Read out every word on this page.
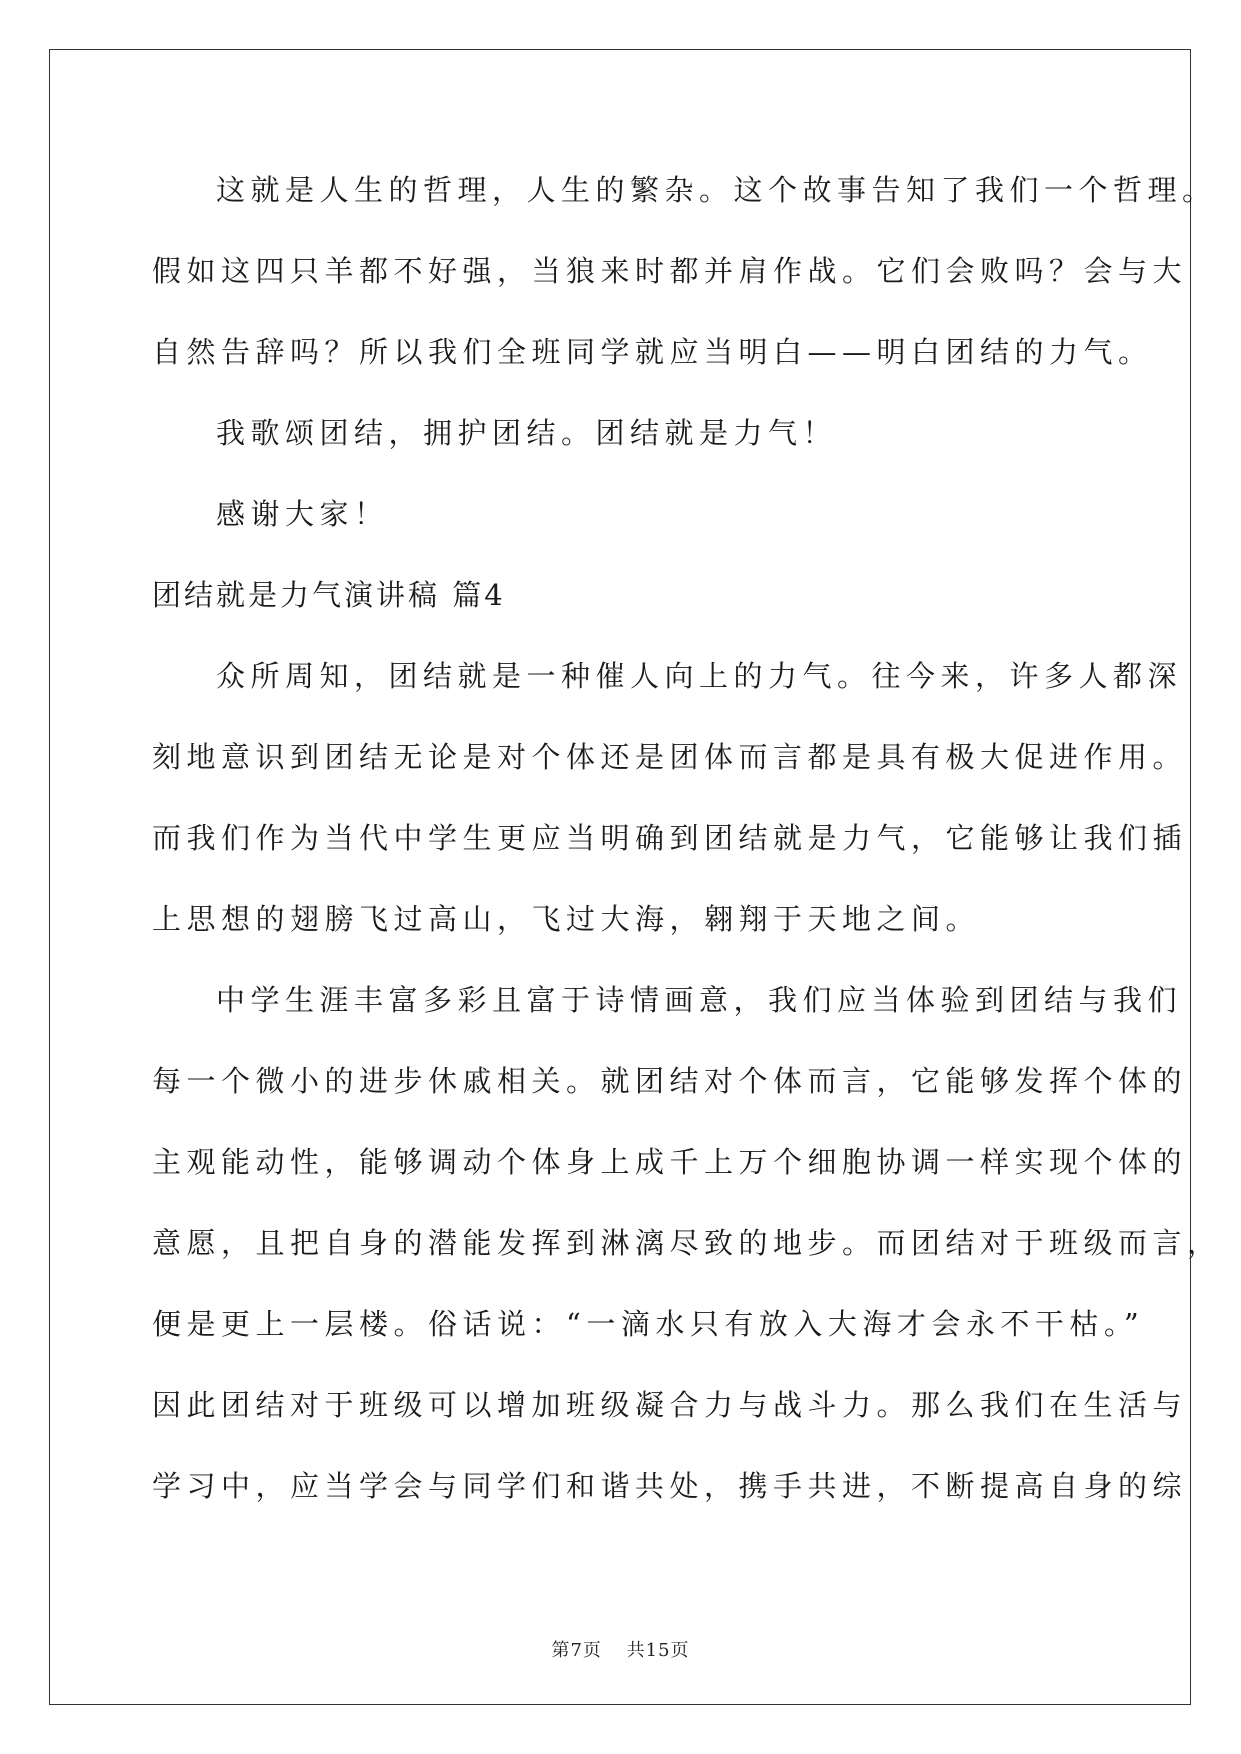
这就是人生的哲理，人生的繁杂。这个故事告知了我们一个哲理。
假如这四只羊都不好强，当狼来时都并肩作战。它们会败吗？会与大
自然告辞吗？所以我们全班同学就应当明白——明白团结的力气。
我歌颂团结，拥护团结。团结就是力气！
感谢大家！
团结就是力气演讲稿 篇4
众所周知，团结就是一种催人向上的力气。往今来，许多人都深
刻地意识到团结无论是对个体还是团体而言都是具有极大促进作用。
而我们作为当代中学生更应当明确到团结就是力气，它能够让我们插
上思想的翅膀飞过高山，飞过大海，翱翔于天地之间。
中学生涯丰富多彩且富于诗情画意，我们应当体验到团结与我们
每一个微小的进步休戚相关。就团结对个体而言，它能够发挥个体的
主观能动性，能够调动个体身上成千上万个细胞协调一样实现个体的
意愿，且把自身的潜能发挥到淋漓尽致的地步。而团结对于班级而言，
便是更上一层楼。俗话说：“一滴水只有放入大海才会永不干枯。”
因此团结对于班级可以增加班级凝合力与战斗力。那么我们在生活与
学习中，应当学会与同学们和谐共处，携手共进，不断提高自身的综
第7页 共15页
